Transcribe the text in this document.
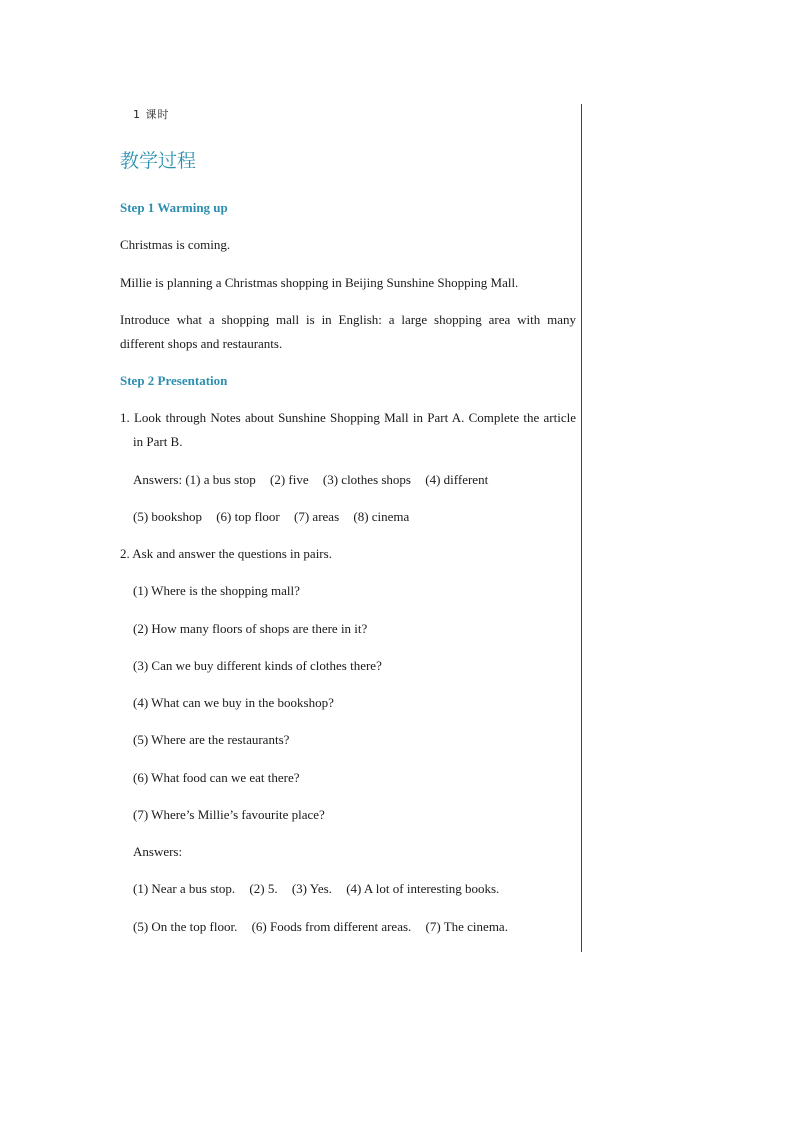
1 课时
教学过程
Step 1 Warming up
Christmas is coming.
Millie is planning a Christmas shopping in Beijing Sunshine Shopping Mall.
Introduce what a shopping mall is in English: a large shopping area with many different shops and restaurants.
Step 2 Presentation
1. Look through Notes about Sunshine Shopping Mall in Part A. Complete the article in Part B.
Answers: (1) a bus stop (2) five (3) clothes shops (4) different
(5) bookshop (6) top floor (7) areas (8) cinema
2. Ask and answer the questions in pairs.
(1) Where is the shopping mall?
(2) How many floors of shops are there in it?
(3) Can we buy different kinds of clothes there?
(4) What can we buy in the bookshop?
(5) Where are the restaurants?
(6) What food can we eat there?
(7) Where’s Millie’s favourite place?
Answers:
(1) Near a bus stop. (2) 5. (3) Yes. (4) A lot of interesting books.
(5) On the top floor. (6) Foods from different areas. (7) The cinema.
